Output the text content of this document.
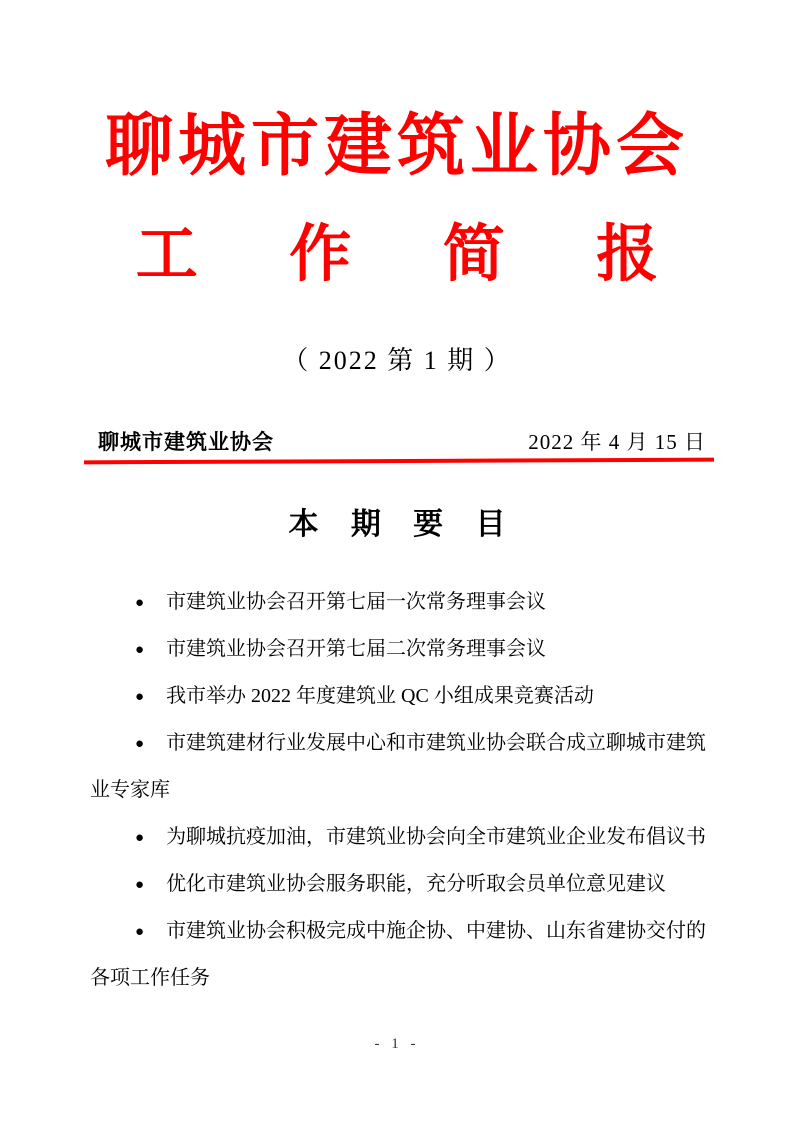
聊城市建筑业协会
工 作 简 报
（ 2022 第 1 期 ）
聊城市建筑业协会	2022 年 4 月 15 日
本 期 要 目
● 市建筑业协会召开第七届一次常务理事会议
● 市建筑业协会召开第七届二次常务理事会议
● 我市举办 2022 年度建筑业 QC 小组成果竞赛活动
● 市建筑建材行业发展中心和市建筑业协会联合成立聊城市建筑业专家库
● 为聊城抗疫加油，市建筑业协会向全市建筑业企业发布倡议书
● 优化市建筑业协会服务职能，充分听取会员单位意见建议
● 市建筑业协会积极完成中施企协、中建协、山东省建协交付的各项工作任务
- 1 -
